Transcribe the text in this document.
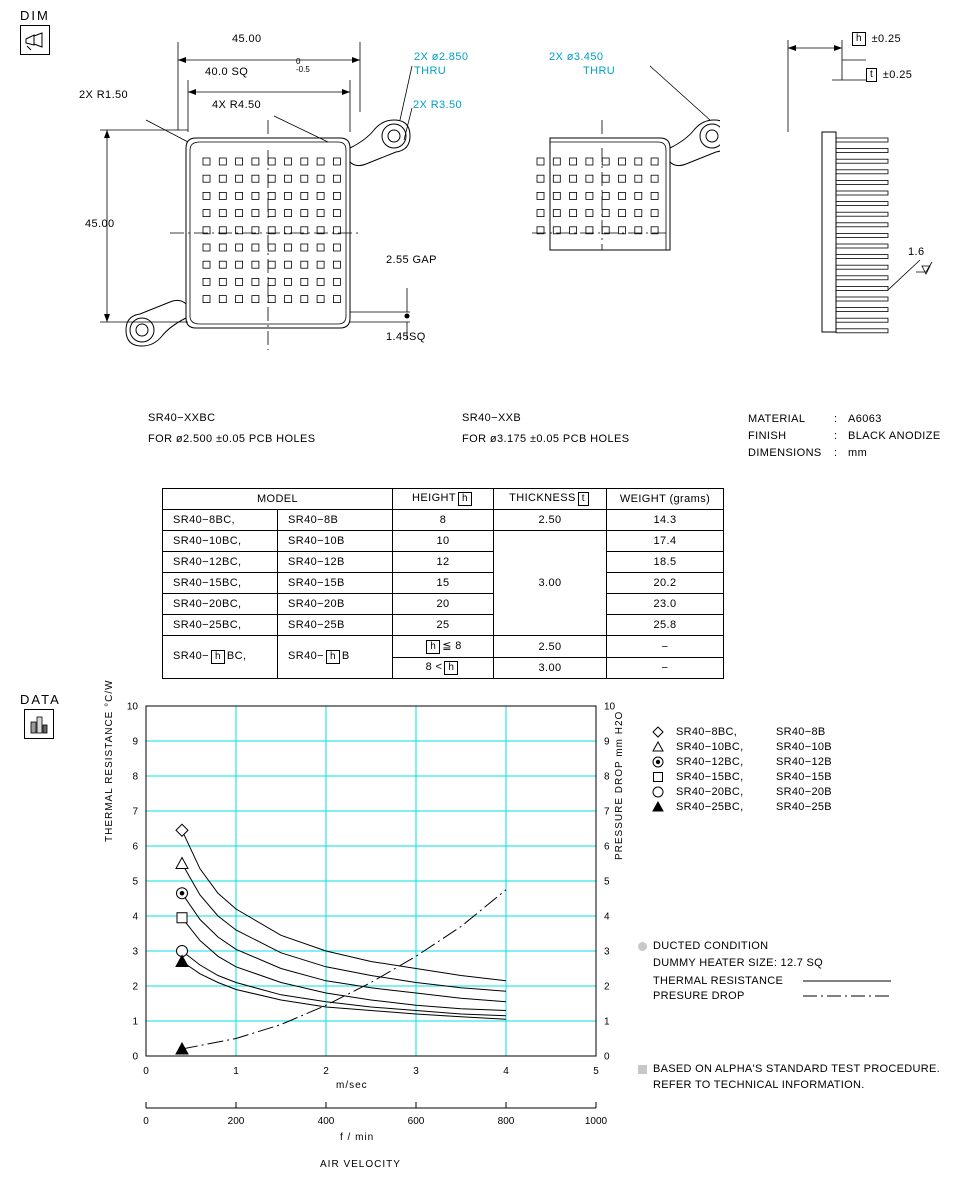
DIM
45.00
40.0 SQ
0
-0.5
45.00
2X R1.50
4X R4.50	2X R3.50
2X ø2.850
THRU
2.55 GAP
1.45SQ
2X ø3.450
THRU
h ±0.25
t ±0.25
1.6
SR40−XXBC
FOR ø2.500 ±0.05 PCB HOLES
SR40−XXB
FOR ø3.175 ±0.05 PCB HOLES
MATERIAL	: A6063
FINISH	: BLACK ANODIZE
DIMENSIONS : mm
MODEL		HEIGHT h	THICKNESS t	WEIGHT (grams)
SR40−8BC,	SR40−8B	8	2.50	14.3
SR40−10BC,	SR40−10B	10	3.00	17.4
SR40−12BC,	SR40−12B	12		18.5
SR40−15BC,	SR40−15B	15		20.2
SR40−20BC,	SR40−20B	20		23.0
SR40−25BC,	SR40−25B	25		25.8
SR40− h BC,	SR40− h B	h ≦ 8	2.50	−
		8 < h	3.00	−
DATA
0	0
1	1
2	2
3	3
4	4
5	5
6	6
7	7
8	8
9	9
10	10
0	1	2	3	4	5
0	200	400	600	800	1000
THERMAL RESISTANCE °C/W	PRESSURE DROP mm H2O
m/sec
f / min
AIR VELOCITY
SR40−8BC,	SR40−8B
SR40−10BC,	SR40−10B
SR40−12BC,	SR40−12B
SR40−15BC,	SR40−15B
SR40−20BC,	SR40−20B
SR40−25BC,	SR40−25B
DUCTED CONDITION
DUMMY HEATER SIZE: 12.7 SQ
THERMAL RESISTANCE
PRESURE DROP
BASED ON ALPHA'S STANDARD TEST PROCEDURE.
REFER TO TECHNICAL INFORMATION.
